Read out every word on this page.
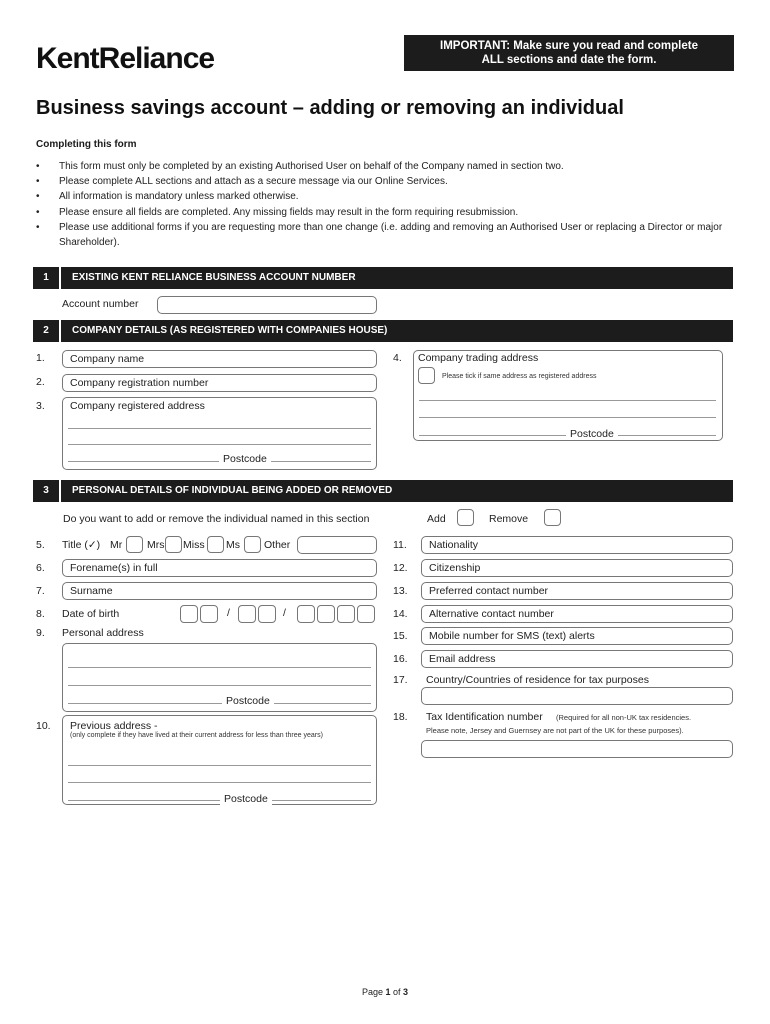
KentReliance	IMPORTANT: Make sure you read and complete
ALL sections and date the form.
Business savings account – adding or removing an individual
Completing this form
• This form must only be completed by an existing Authorised User on behalf of the Company named in section two.
• Please complete ALL sections and attach as a secure message via our Online Services.
• All information is mandatory unless marked otherwise.
• Please ensure all fields are completed. Any missing fields may result in the form requiring resubmission.
• Please use additional forms if you are requesting more than one change (i.e. adding and removing an Authorised User or replacing a Director or major Shareholder).
1	EXISTING KENT RELIANCE BUSINESS ACCOUNT NUMBER
Account number
2	COMPANY DETAILS (AS REGISTERED WITH COMPANIES HOUSE)
1.	Company name
2.	Company registration number
3. Company registered address
Postcode
4. Company trading address
Please tick if same address as registered address
Postcode
3	PERSONAL DETAILS OF INDIVIDUAL BEING ADDED OR REMOVED
Do you want to add or remove the individual named in this section	Add	Remove
5. Title (✓) Mr Mrs Miss Ms Other
6.	Forename(s) in full
7.	Surname
8. Date of birth	/	/
9. Personal address
Postcode
10. Previous address -
(only complete if they have lived at their current address for less than three years)
Postcode
11.	Nationality
12.	Citizenship
13.	Preferred contact number
14.	Alternative contact number
15.	Mobile number for SMS (text) alerts
16.	Email address
17. Country/Countries of residence for tax purposes
18. Tax Identification number (Required for all non-UK tax residencies.
Please note, Jersey and Guernsey are not part of the UK for these purposes).
Page 1 of 3
